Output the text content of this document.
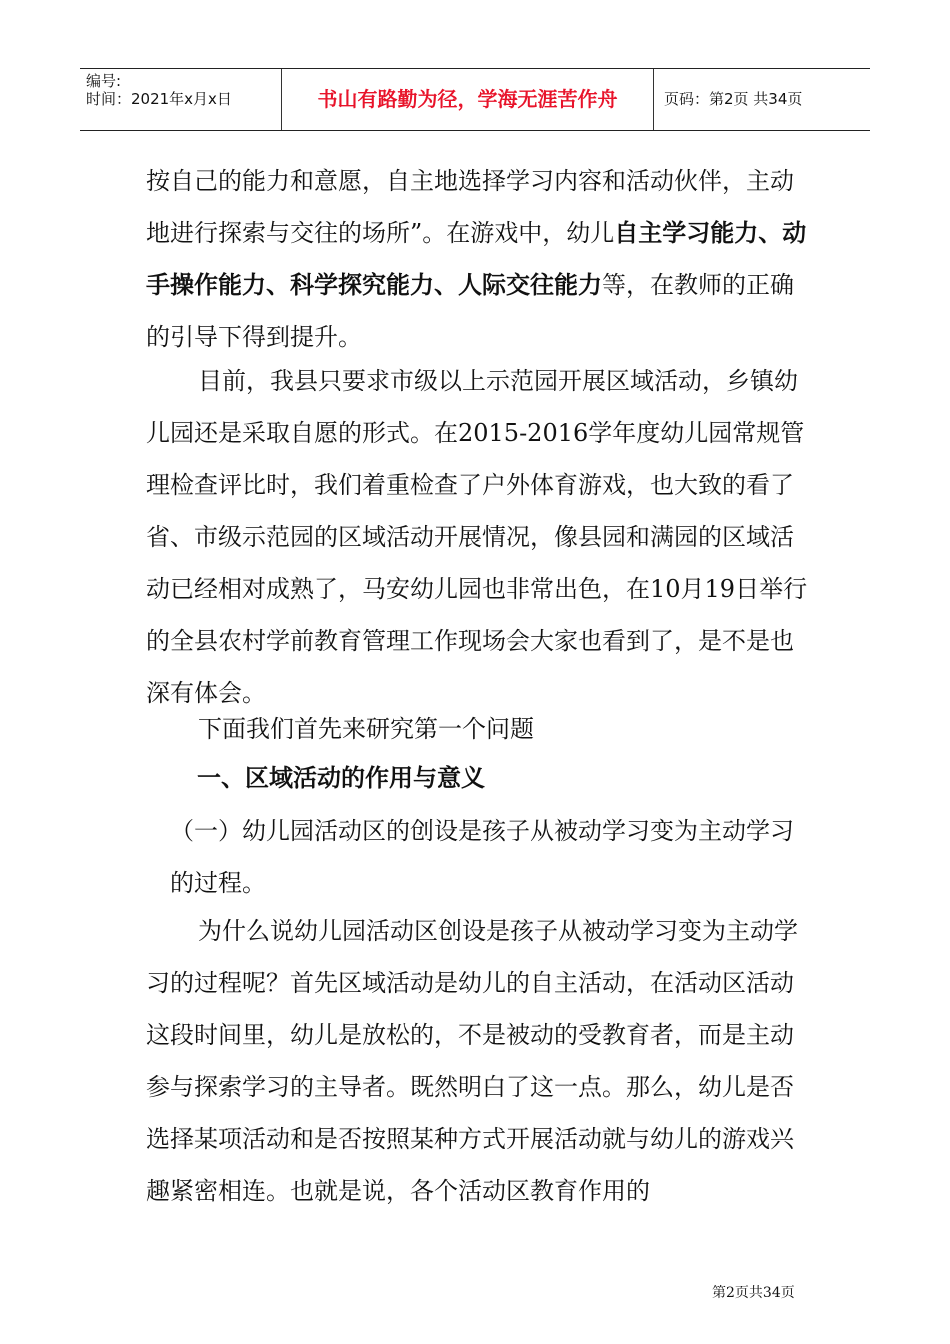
编号:
时间：2021年x月x日	书山有路勤为径，学海无涯苦作舟	页码：第2页 共34页

按自己的能力和意愿，自主地选择学习内容和活动伙伴，主动地进行探索与交往的场所”。在游戏中，幼儿自主学习能力、动手操作能力、科学探究能力、人际交往能力等，在教师的正确的引导下得到提升。

目前，我县只要求市级以上示范园开展区域活动，乡镇幼儿园还是采取自愿的形式。在2015-2016学年度幼儿园常规管理检查评比时，我们着重检查了户外体育游戏，也大致的看了省、市级示范园的区域活动开展情况，像县园和满园的区域活动已经相对成熟了，马安幼儿园也非常出色，在10月19日举行的全县农村学前教育管理工作现场会大家也看到了，是不是也深有体会。

下面我们首先来研究第一个问题

一、区域活动的作用与意义

（一）幼儿园活动区的创设是孩子从被动学习变为主动学习的过程。

为什么说幼儿园活动区创设是孩子从被动学习变为主动学习的过程呢？首先区域活动是幼儿的自主活动，在活动区活动这段时间里，幼儿是放松的，不是被动的受教育者，而是主动参与探索学习的主导者。既然明白了这一点。那么，幼儿是否选择某项活动和是否按照某种方式开展活动就与幼儿的游戏兴趣紧密相连。也就是说，各个活动区教育作用的

第2页共34页
